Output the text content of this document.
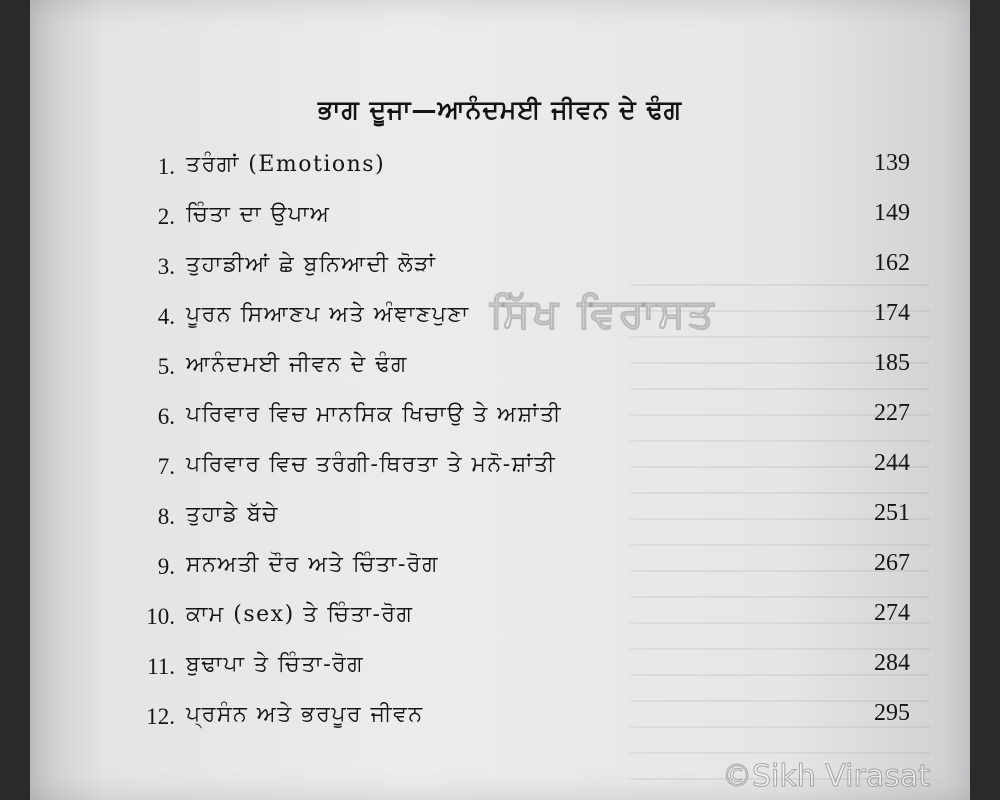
ਭਾਗ ਦੂਜਾ—ਆਨੰਦਮਈ ਜੀਵਨ ਦੇ ਢੰਗ
1. ਤਰੰਗਾਂ (Emotions)	139
2. ਚਿੰਤਾ ਦਾ ਉਪਾਅ	149
3. ਤੁਹਾਡੀਆਂ ਛੇ ਬੁਨਿਆਦੀ ਲੋੜਾਂ	162
4. ਪੂਰਨ ਸਿਆਣਪ ਅਤੇ ਅੰਞਾਣਪੁਣਾ	174
5. ਆਨੰਦਮਈ ਜੀਵਨ ਦੇ ਢੰਗ	185
6. ਪਰਿਵਾਰ ਵਿਚ ਮਾਨਸਿਕ ਖਿਚਾਉ ਤੇ ਅਸ਼ਾਂਤੀ	227
7. ਪਰਿਵਾਰ ਵਿਚ ਤਰੰਗੀ-ਥਿਰਤਾ ਤੇ ਮਨੋ-ਸ਼ਾਂਤੀ	244
8. ਤੁਹਾਡੇ ਬੱਚੇ	251
9. ਸਨਅਤੀ ਦੌਰ ਅਤੇ ਚਿੰਤਾ-ਰੋਗ	267
10. ਕਾਮ (sex) ਤੇ ਚਿੰਤਾ-ਰੋਗ	274
11. ਬੁਢਾਪਾ ਤੇ ਚਿੰਤਾ-ਰੋਗ	284
12. ਪ੍ਰਸੰਨ ਅਤੇ ਭਰਪੂਰ ਜੀਵਨ	295
ਸਿੱਖ ਵਿਰਾਸਤ
©Sikh Virasat
